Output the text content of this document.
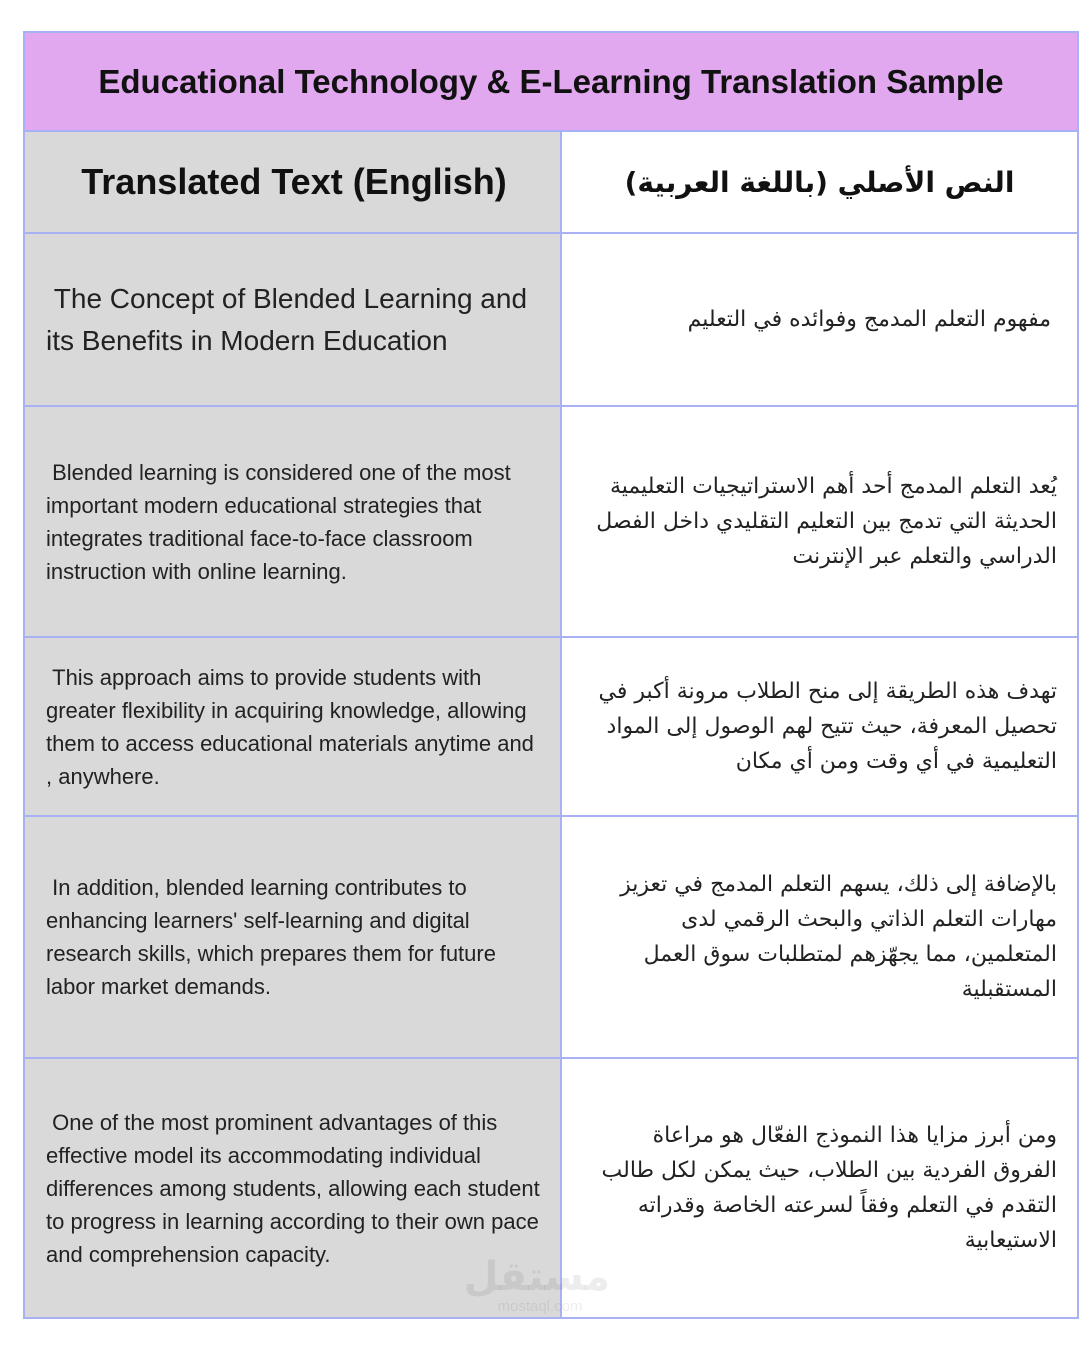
Educational Technology & E-Learning Translation Sample
Translated Text (English)	النص الأصلي (باللغة العربية)
The Concept of Blended Learning and its Benefits in Modern Education
مفهوم التعلم المدمج وفوائده في التعليم
Blended learning is considered one of the most important modern educational strategies that integrates traditional face-to-face classroom instruction with online learning.
يُعد التعلم المدمج أحد أهم الاستراتيجيات التعليمية الحديثة التي تدمج بين التعليم التقليدي داخل الفصل الدراسي والتعلم عبر الإنترنت
This approach aims to provide students with greater flexibility in acquiring knowledge, allowing them to access educational materials anytime and , anywhere.
تهدف هذه الطريقة إلى منح الطلاب مرونة أكبر في تحصيل المعرفة، حيث تتيح لهم الوصول إلى المواد التعليمية في أي وقت ومن أي مكان
In addition, blended learning contributes to enhancing learners' self-learning and digital research skills, which prepares them for future labor market demands.
بالإضافة إلى ذلك، يسهم التعلم المدمج في تعزيز مهارات التعلم الذاتي والبحث الرقمي لدى المتعلمين، مما يجهّزهم لمتطلبات سوق العمل المستقبلية
One of the most prominent advantages of this effective model its accommodating individual differences among students, allowing each student to progress in learning according to their own pace and comprehension capacity.
ومن أبرز مزايا هذا النموذج الفعّال هو مراعاة الفروق الفردية بين الطلاب، حيث يمكن لكل طالب التقدم في التعلم وفقاً لسرعته الخاصة وقدراته الاستيعابية
